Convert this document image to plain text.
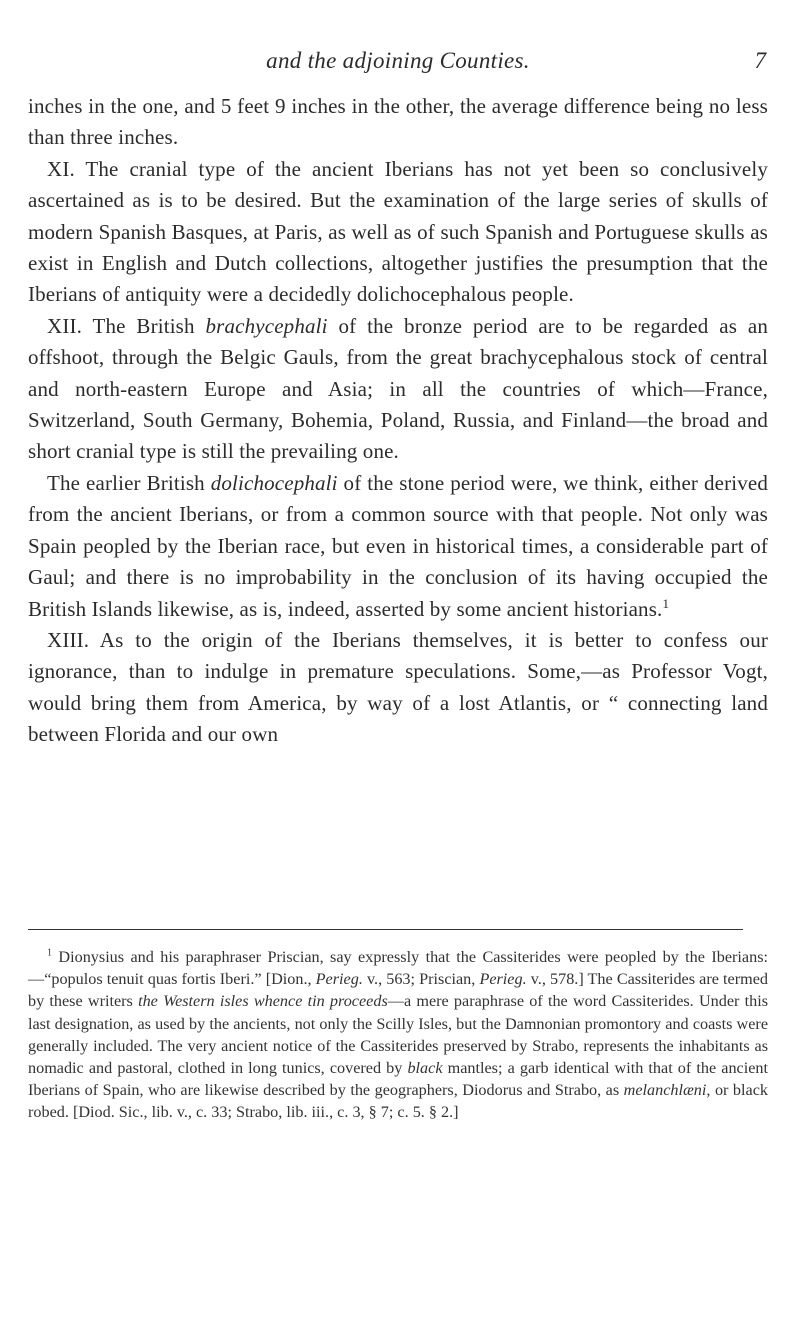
and the adjoining Counties.	7

inches in the one, and 5 feet 9 inches in the other, the average difference being no less than three inches.

XI. The cranial type of the ancient Iberians has not yet been so conclusively ascertained as is to be desired. But the examination of the large series of skulls of modern Spanish Basques, at Paris, as well as of such Spanish and Portuguese skulls as exist in English and Dutch collections, altogether justifies the presumption that the Iberians of antiquity were a decidedly dolichocephalous people.

XII. The British brachycephali of the bronze period are to be regarded as an offshoot, through the Belgic Gauls, from the great brachycephalous stock of central and north-eastern Europe and Asia; in all the countries of which—France, Switzerland, South Germany, Bohemia, Poland, Russia, and Finland—the broad and short cranial type is still the prevailing one.

The earlier British dolichocephali of the stone period were, we think, either derived from the ancient Iberians, or from a common source with that people. Not only was Spain peopled by the Iberian race, but even in historical times, a considerable part of Gaul; and there is no improbability in the conclusion of its having occupied the British Islands likewise, as is, indeed, asserted by some ancient historians.$^1$

XIII. As to the origin of the Iberians themselves, it is better to confess our ignorance, than to indulge in premature speculations. Some,—as Professor Vogt, would bring them from America, by way of a lost Atlantis, or “ connecting land between Florida and our own

$^1$ Dionysius and his paraphraser Priscian, say expressly that the Cassiterides were peopled by the Iberians:—“populos tenuit quas fortis Iberi.” [Dion., Perieg. v., 563; Priscian, Perieg. v., 578.] The Cassiterides are termed by these writers the Western isles whence tin proceeds—a mere paraphrase of the word Cassiterides. Under this last designation, as used by the ancients, not only the Scilly Isles, but the Damnonian promontory and coasts were generally included. The very ancient notice of the Cassiterides preserved by Strabo, represents the inhabitants as nomadic and pastoral, clothed in long tunics, covered by black mantles; a garb identical with that of the ancient Iberians of Spain, who are likewise described by the geographers, Diodorus and Strabo, as melanchlæni, or black robed. [Diod. Sic., lib. v., c. 33; Strabo, lib. iii., c. 3, § 7; c. 5. § 2.]
